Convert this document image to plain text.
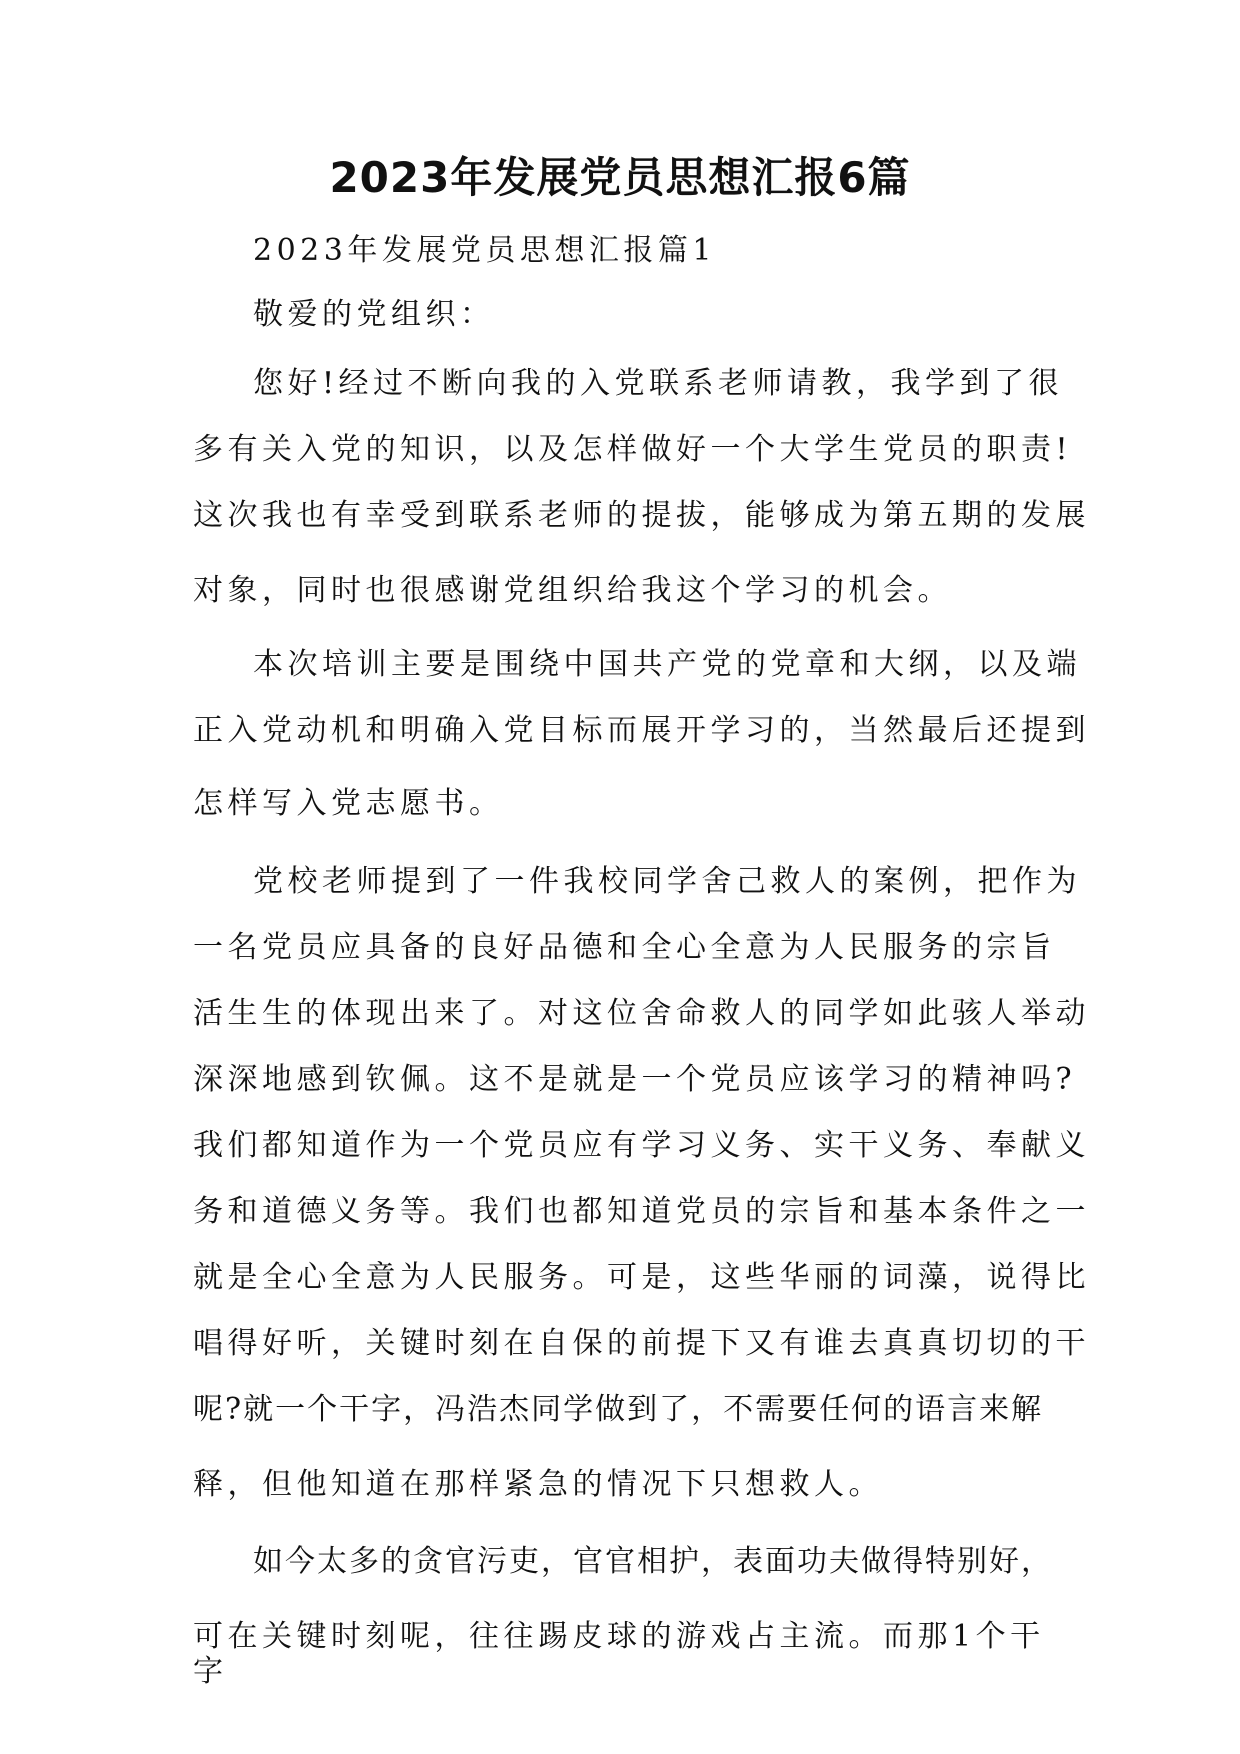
2023年发展党员思想汇报6篇
2023年发展党员思想汇报篇1
敬爱的党组织：
您好!经过不断向我的入党联系老师请教，我学到了很
多有关入党的知识，以及怎样做好一个大学生党员的职责!
这次我也有幸受到联系老师的提拔，能够成为第五期的发展
对象，同时也很感谢党组织给我这个学习的机会。
本次培训主要是围绕中国共产党的党章和大纲，以及端
正入党动机和明确入党目标而展开学习的，当然最后还提到
怎样写入党志愿书。
党校老师提到了一件我校同学舍己救人的案例，把作为
一名党员应具备的良好品德和全心全意为人民服务的宗旨
活生生的体现出来了。对这位舍命救人的同学如此骇人举动
深深地感到钦佩。这不是就是一个党员应该学习的精神吗?
我们都知道作为一个党员应有学习义务、实干义务、奉献义
务和道德义务等。我们也都知道党员的宗旨和基本条件之一
就是全心全意为人民服务。可是，这些华丽的词藻，说得比
唱得好听，关键时刻在自保的前提下又有谁去真真切切的干
呢?就一个干字，冯浩杰同学做到了，不需要任何的语言来解
释，但他知道在那样紧急的情况下只想救人。
如今太多的贪官污吏，官官相护，表面功夫做得特别好，
可在关键时刻呢，往往踢皮球的游戏占主流。而那1个干
字
